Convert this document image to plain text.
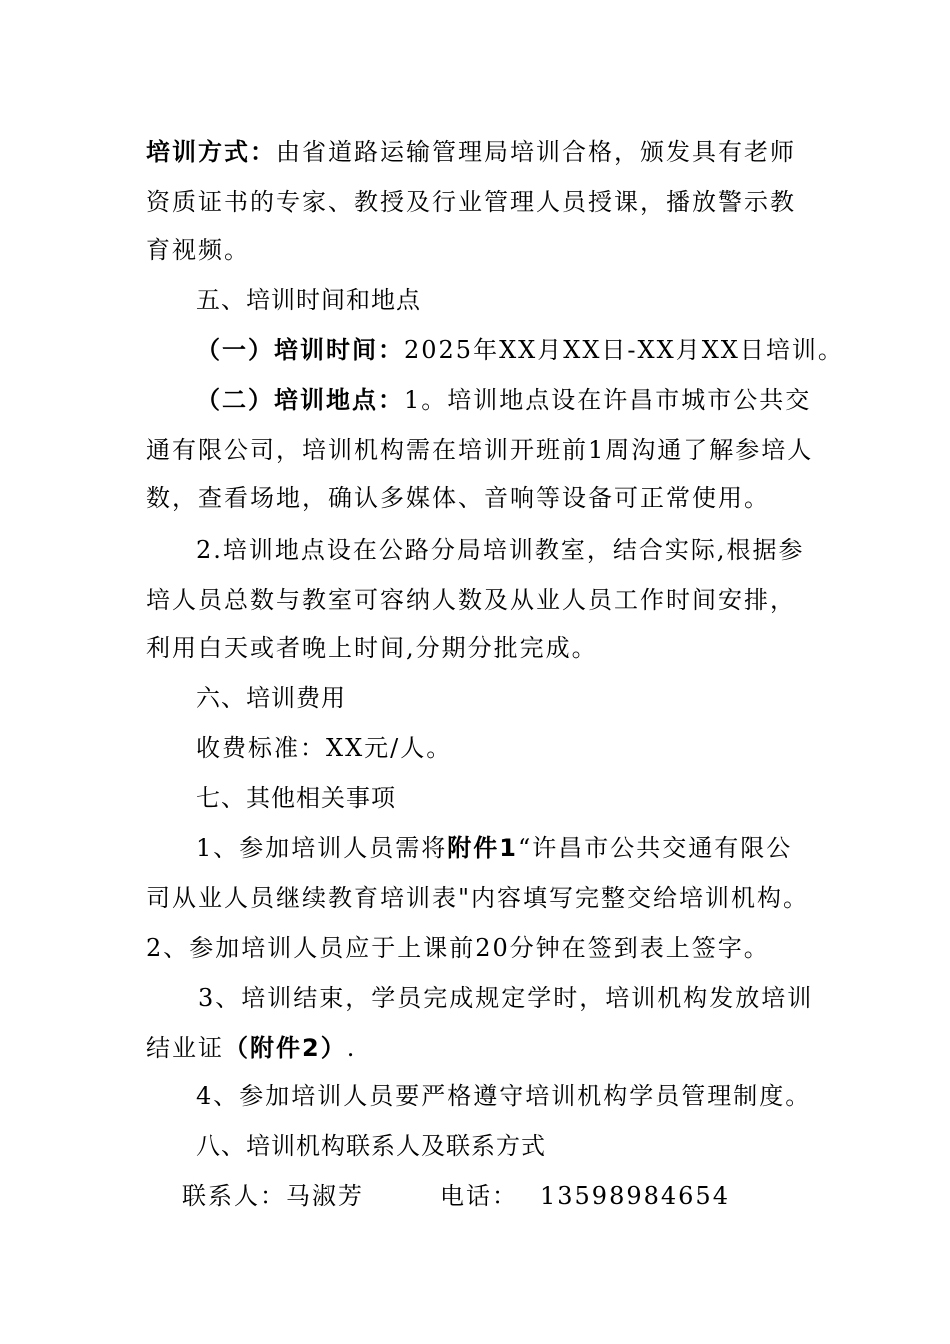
培训方式：由省道路运输管理局培训合格，颁发具有老师
资质证书的专家、教授及行业管理人员授课，播放警示教
育视频。
五、培训时间和地点
（一）培训时间：2025年XX月XX日-XX月XX日培训。
（二）培训地点：1。培训地点设在许昌市城市公共交
通有限公司，培训机构需在培训开班前1周沟通了解参培人
数，查看场地，确认多媒体、音响等设备可正常使用。
2.培训地点设在公路分局培训教室，结合实际,根据参
培人员总数与教室可容纳人数及从业人员工作时间安排，
利用白天或者晚上时间,分期分批完成。
六、培训费用
收费标准：XX元/人。
七、其他相关事项
1、参加培训人员需将附件1“许昌市公共交通有限公
司从业人员继续教育培训表"内容填写完整交给培训机构。
2、参加培训人员应于上课前20分钟在签到表上签字。
3、培训结束，学员完成规定学时，培训机构发放培训
结业证（附件2）.
4、参加培训人员要严格遵守培训机构学员管理制度。
八、培训机构联系人及联系方式
联系人：马淑芳	电话： 13598984654
